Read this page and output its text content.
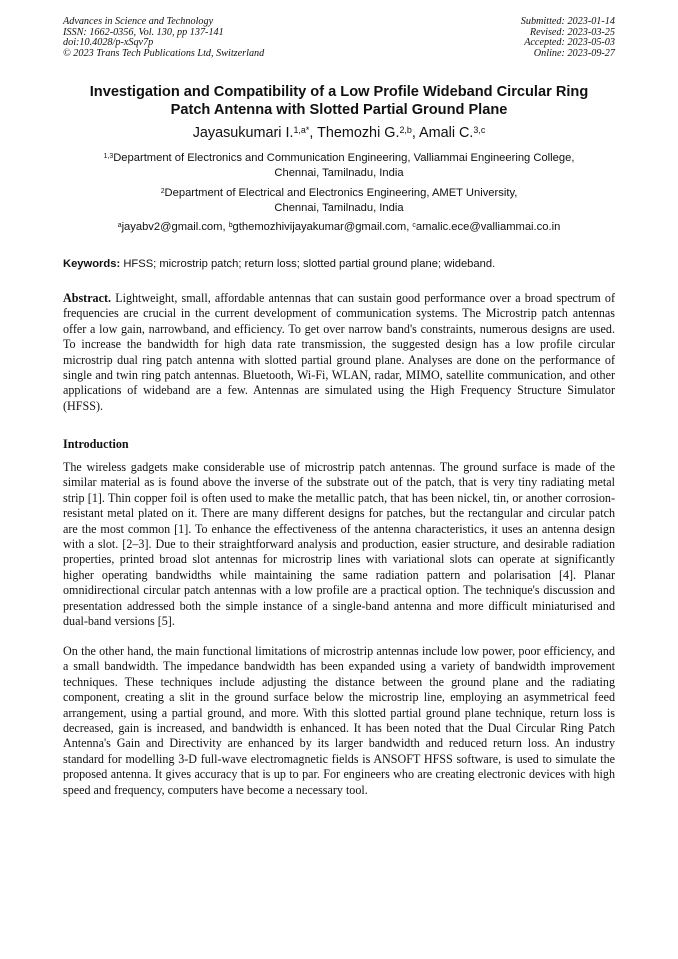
Advances in Science and Technology
ISSN: 1662-0356, Vol. 130, pp 137-141
doi:10.4028/p-xSqv7p
© 2023 Trans Tech Publications Ltd, Switzerland
Submitted: 2023-01-14
Revised: 2023-03-25
Accepted: 2023-05-03
Online: 2023-09-27
Investigation and Compatibility of a Low Profile Wideband Circular Ring
Patch Antenna with Slotted Partial Ground Plane
Jayasukumari I.$^{1,a*}$, Themozhi G.$^{2,b}$, Amali C.$^{3,c}$
$^{1,3}$Department of Electronics and Communication Engineering, Valliammai Engineering College,
Chennai, Tamilnadu, India
$^2$Department of Electrical and Electronics Engineering, AMET University,
Chennai, Tamilnadu, India
$^a$jayabv2@gmail.com, $^b$gthemozhivijayakumar@gmail.com, $^c$amalic.ece@valliammai.co.in
Keywords: HFSS; microstrip patch; return loss; slotted partial ground plane; wideband.
Abstract. Lightweight, small, affordable antennas that can sustain good performance over a broad spectrum of frequencies are crucial in the current development of communication systems. The Microstrip patch antennas offer a low gain, narrowband, and efficiency. To get over narrow band's constraints, numerous designs are used. To increase the bandwidth for high data rate transmission, the suggested design has a low profile circular microstrip dual ring patch antenna with slotted partial ground plane. Analyses are done on the performance of single and twin ring patch antennas. Bluetooth, Wi-Fi, WLAN, radar, MIMO, satellite communication, and other applications of wideband are a few. Antennas are simulated using the High Frequency Structure Simulator (HFSS).
Introduction
The wireless gadgets make considerable use of microstrip patch antennas. The ground surface is made of the similar material as is found above the inverse of the substrate out of the patch, that is very tiny radiating metal strip [1]. Thin copper foil is often used to make the metallic patch, that has been nickel, tin, or another corrosion-resistant metal plated on it. There are many different designs for patches, but the rectangular and circular patch are the most common [1]. To enhance the effectiveness of the antenna characteristics, it uses an antenna design with a slot. [2–3]. Due to their straightforward analysis and production, easier structure, and desirable radiation properties, printed broad slot antennas for microstrip lines with variational slots can operate at significantly higher operating bandwidths while maintaining the same radiation pattern and polarisation [4]. Planar omnidirectional circular patch antennas with a low profile are a practical option. The technique's discussion and presentation addressed both the simple instance of a single-band antenna and more difficult miniaturised and dual-band versions [5].
On the other hand, the main functional limitations of microstrip antennas include low power, poor efficiency, and a small bandwidth. The impedance bandwidth has been expanded using a variety of bandwidth improvement techniques. These techniques include adjusting the distance between the ground plane and the radiating component, creating a slit in the ground surface below the microstrip line, employing an asymmetrical feed arrangement, using a partial ground, and more. With this slotted partial ground plane technique, return loss is decreased, gain is increased, and bandwidth is enhanced. It has been noted that the Dual Circular Ring Patch Antenna's Gain and Directivity are enhanced by its larger bandwidth and reduced return loss. An industry standard for modelling 3-D full-wave electromagnetic fields is ANSOFT HFSS software, is used to simulate the proposed antenna. It gives accuracy that is up to par. For engineers who are creating electronic devices with high speed and frequency, computers have become a necessary tool.
